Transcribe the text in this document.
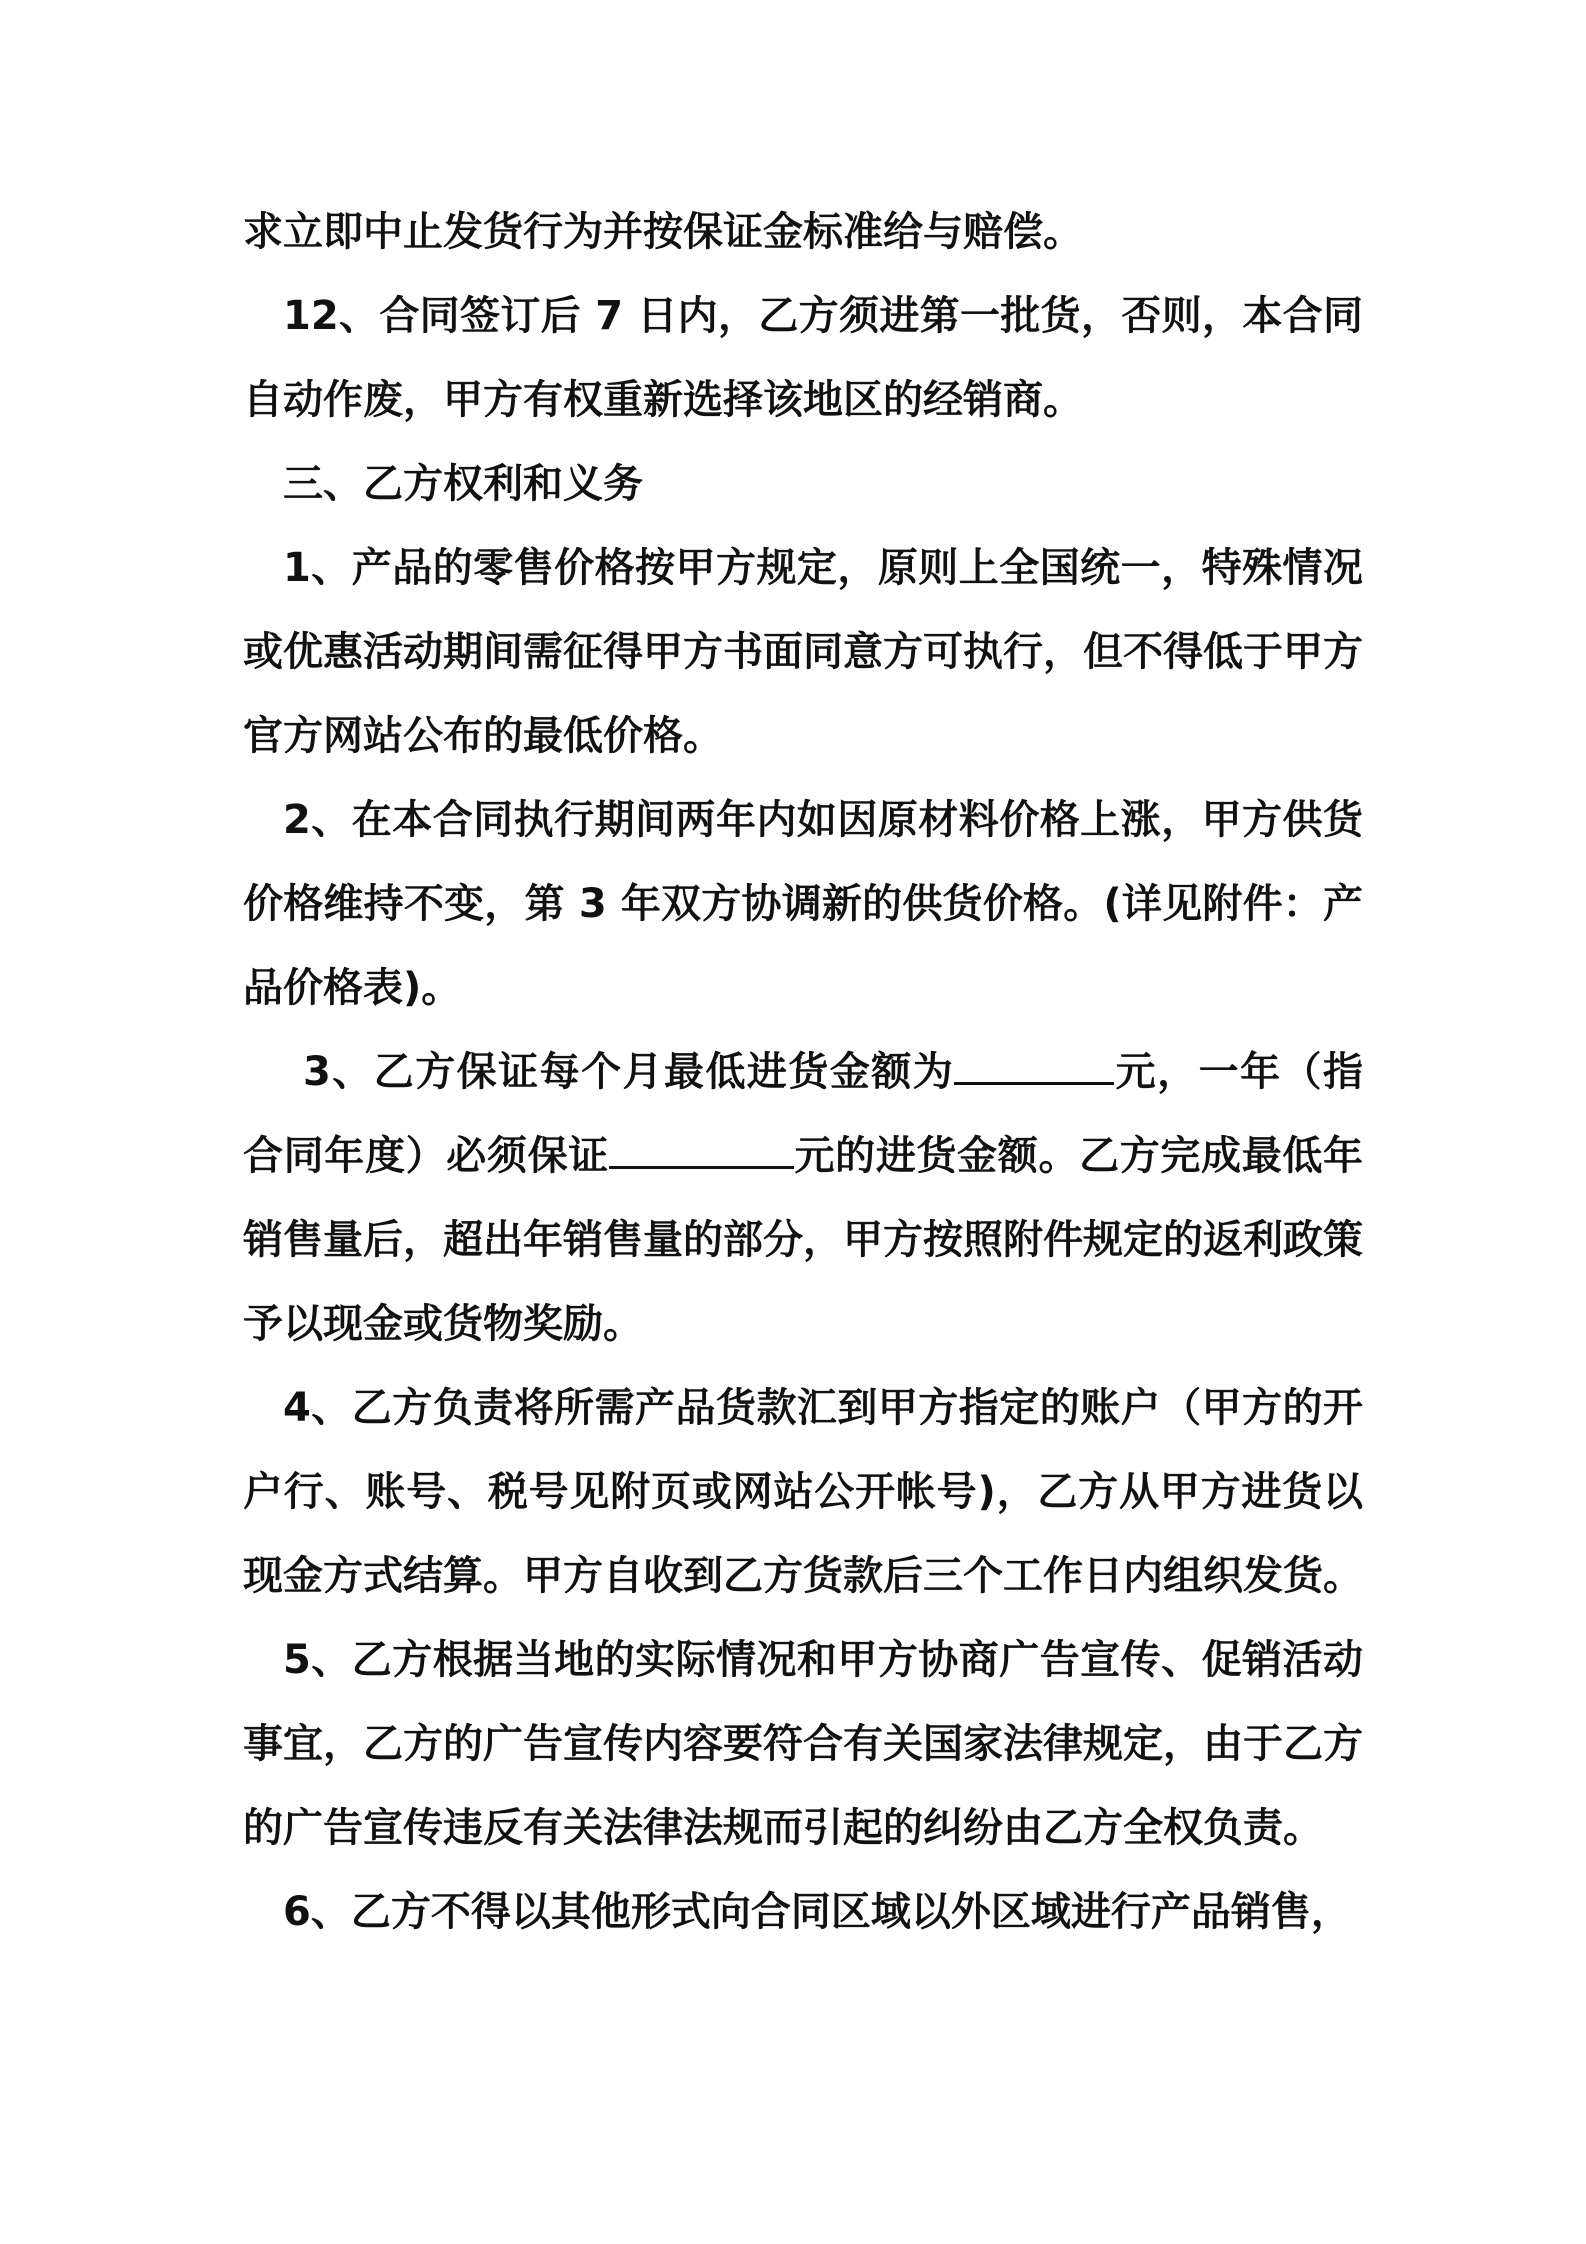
求立即中止发货行为并按保证金标准给与赔偿。

12、合同签订后 7 日内，乙方须进第一批货，否则，本合同自动作废，甲方有权重新选择该地区的经销商。

三、乙方权利和义务

1、产品的零售价格按甲方规定，原则上全国统一，特殊情况或优惠活动期间需征得甲方书面同意方可执行，但不得低于甲方官方网站公布的最低价格。

2、在本合同执行期间两年内如因原材料价格上涨，甲方供货价格维持不变，第 3 年双方协调新的供货价格。(详见附件：产品价格表)。

3、乙方保证每个月最低进货金额为	元，一年（指合同年度）必须保证	元的进货金额。乙方完成最低年销售量后，超出年销售量的部分，甲方按照附件规定的返利政策予以现金或货物奖励。

4、乙方负责将所需产品货款汇到甲方指定的账户（甲方的开户行、账号、税号见附页或网站公开帐号)，乙方从甲方进货以现金方式结算。甲方自收到乙方货款后三个工作日内组织发货。

5、乙方根据当地的实际情况和甲方协商广告宣传、促销活动事宜，乙方的广告宣传内容要符合有关国家法律规定，由于乙方的广告宣传违反有关法律法规而引起的纠纷由乙方全权负责。

6、乙方不得以其他形式向合同区域以外区域进行产品销售，
